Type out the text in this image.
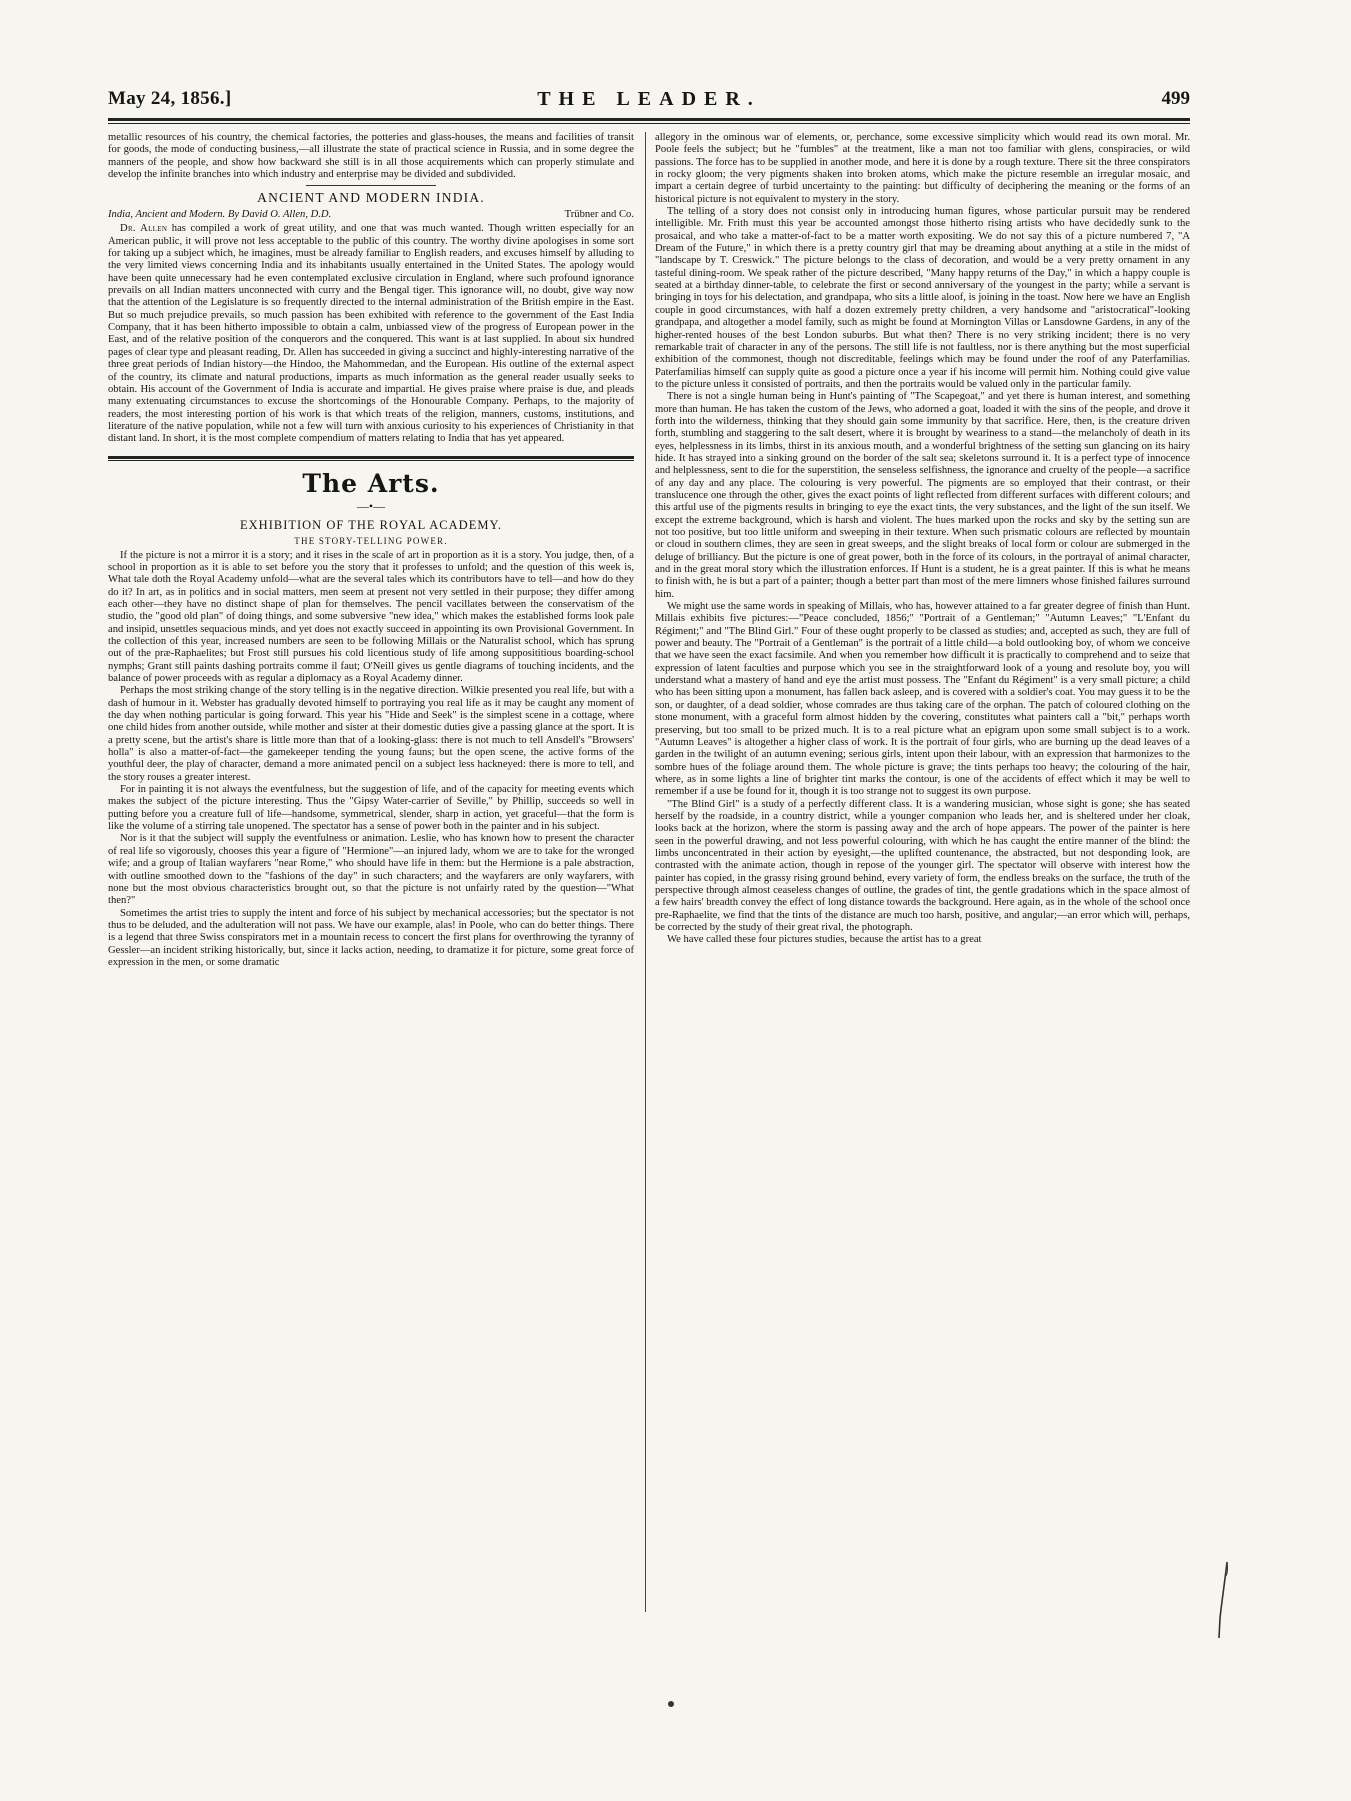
May 24, 1856.]	THE LEADER.	499

metallic resources of his country, the chemical factories, the potteries and glass-houses, the means and facilities of transit for goods, the mode of conducting business,—all illustrate the state of practical science in Russia, and in some degree the manners of the people, and show how backward she still is in all those acquirements which can properly stimulate and develop the infinite branches into which industry and enterprise may be divided and subdivided.

ANCIENT AND MODERN INDIA.
India, Ancient and Modern. By David O. Allen, D.D.	Trübner and Co.

Dr. Allen has compiled a work of great utility, and one that was much wanted. Though written especially for an American public, it will prove not less acceptable to the public of this country. The worthy divine apologises in some sort for taking up a subject which, he imagines, must be already familiar to English readers, and excuses himself by alluding to the very limited views concerning India and its inhabitants usually entertained in the United States. The apology would have been quite unnecessary had he even contemplated exclusive circulation in England, where such profound ignorance prevails on all Indian matters unconnected with curry and the Bengal tiger. This ignorance will, no doubt, give way now that the attention of the Legislature is so frequently directed to the internal administration of the British empire in the East. But so much prejudice prevails, so much passion has been exhibited with reference to the government of the East India Company, that it has been hitherto impossible to obtain a calm, unbiassed view of the progress of European power in the East, and of the relative position of the conquerors and the conquered. This want is at last supplied. In about six hundred pages of clear type and pleasant reading, Dr. Allen has succeeded in giving a succinct and highly-interesting narrative of the three great periods of Indian history—the Hindoo, the Mahommedan, and the European. His outline of the external aspect of the country, its climate and natural productions, imparts as much information as the general reader usually seeks to obtain. His account of the Government of India is accurate and impartial. He gives praise where praise is due, and pleads many extenuating circumstances to excuse the shortcomings of the Honourable Company. Perhaps, to the majority of readers, the most interesting portion of his work is that which treats of the religion, manners, customs, institutions, and literature of the native population, while not a few will turn with anxious curiosity to his experiences of Christianity in that distant land. In short, it is the most complete compendium of matters relating to India that has yet appeared.

The Arts.
—•—
EXHIBITION OF THE ROYAL ACADEMY.
THE STORY-TELLING POWER.

If the picture is not a mirror it is a story; and it rises in the scale of art in proportion as it is a story. You judge, then, of a school in proportion as it is able to set before you the story that it professes to unfold; and the question of this week is, What tale doth the Royal Academy unfold—what are the several tales which its contributors have to tell—and how do they do it? In art, as in politics and in social matters, men seem at present not very settled in their purpose; they differ among each other—they have no distinct shape of plan for themselves. The pencil vacillates between the conservatism of the studio, the "good old plan" of doing things, and some subversive "new idea," which makes the established forms look pale and insipid, unsettles sequacious minds, and yet does not exactly succeed in appointing its own Provisional Government. In the collection of this year, increased numbers are seen to be following Millais or the Naturalist school, which has sprung out of the præ-Raphaelites; but Frost still pursues his cold licentious study of life among supposititious boarding-school nymphs; Grant still paints dashing portraits comme il faut; O'Neill gives us gentle diagrams of touching incidents, and the balance of power proceeds with as regular a diplomacy as a Royal Academy dinner.

Perhaps the most striking change of the story telling is in the negative direction. Wilkie presented you real life, but with a dash of humour in it. Webster has gradually devoted himself to portraying you real life as it may be caught any moment of the day when nothing particular is going forward. This year his "Hide and Seek" is the simplest scene in a cottage, where one child hides from another outside, while mother and sister at their domestic duties give a passing glance at the sport. It is a pretty scene, but the artist's share is little more than that of a looking-glass: there is not much to tell Ansdell's "Browsers' holla" is also a matter-of-fact—the gamekeeper tending the young fauns; but the open scene, the active forms of the youthful deer, the play of character, demand a more animated pencil on a subject less hackneyed: there is more to tell, and the story rouses a greater interest.

For in painting it is not always the eventfulness, but the suggestion of life, and of the capacity for meeting events which makes the subject of the picture interesting. Thus the "Gipsy Water-carrier of Seville," by Phillip, succeeds so well in putting before you a creature full of life—handsome, symmetrical, slender, sharp in action, yet graceful—that the form is like the volume of a stirring tale unopened. The spectator has a sense of power both in the painter and in his subject.

Nor is it that the subject will supply the eventfulness or animation. Leslie, who has known how to present the character of real life so vigorously, chooses this year a figure of "Hermione"—an injured lady, whom we are to take for the wronged wife; and a group of Italian wayfarers "near Rome," who should have life in them: but the Hermione is a pale abstraction, with outline smoothed down to the "fashions of the day" in such characters; and the wayfarers are only wayfarers, with none but the most obvious characteristics brought out, so that the picture is not unfairly rated by the question—"What then?"

Sometimes the artist tries to supply the intent and force of his subject by mechanical accessories; but the spectator is not thus to be deluded, and the adulteration will not pass. We have our example, alas! in Poole, who can do better things. There is a legend that three Swiss conspirators met in a mountain recess to concert the first plans for overthrowing the tyranny of Gessler—an incident striking historically, but, since it lacks action, needing, to dramatize it for picture, some great force of expression in the men, or some dramatic

allegory in the ominous war of elements, or, perchance, some excessive simplicity which would read its own moral. Mr. Poole feels the subject; but he "fumbles" at the treatment, like a man not too familiar with glens, conspiracies, or wild passions. The force has to be supplied in another mode, and here it is done by a rough texture. There sit the three conspirators in rocky gloom; the very pigments shaken into broken atoms, which make the picture resemble an irregular mosaic, and impart a certain degree of turbid uncertainty to the painting: but difficulty of deciphering the meaning or the forms of an historical picture is not equivalent to mystery in the story.

The telling of a story does not consist only in introducing human figures, whose particular pursuit may be rendered intelligible. Mr. Frith must this year be accounted amongst those hitherto rising artists who have decidedly sunk to the prosaical, and who take a matter-of-fact to be a matter worth expositing. We do not say this of a picture numbered 7, "A Dream of the Future," in which there is a pretty country girl that may be dreaming about anything at a stile in the midst of "landscape by T. Creswick." The picture belongs to the class of decoration, and would be a very pretty ornament in any tasteful dining-room. We speak rather of the picture described, "Many happy returns of the Day," in which a happy couple is seated at a birthday dinner-table, to celebrate the first or second anniversary of the youngest in the party; while a servant is bringing in toys for his delectation, and grandpapa, who sits a little aloof, is joining in the toast. Now here we have an English couple in good circumstances, with half a dozen extremely pretty children, a very handsome and "aristocratical"-looking grandpapa, and altogether a model family, such as might be found at Mornington Villas or Lansdowne Gardens, in any of the higher-rented houses of the best London suburbs. But what then? There is no very striking incident; there is no very remarkable trait of character in any of the persons. The still life is not faultless, nor is there anything but the most superficial exhibition of the commonest, though not discreditable, feelings which may be found under the roof of any Paterfamilias. Paterfamilias himself can supply quite as good a picture once a year if his income will permit him. Nothing could give value to the picture unless it consisted of portraits, and then the portraits would be valued only in the particular family.

There is not a single human being in Hunt's painting of "The Scapegoat," and yet there is human interest, and something more than human. He has taken the custom of the Jews, who adorned a goat, loaded it with the sins of the people, and drove it forth into the wilderness, thinking that they should gain some immunity by that sacrifice. Here, then, is the creature driven forth, stumbling and staggering to the salt desert, where it is brought by weariness to a stand—the melancholy of death in its eyes, helplessness in its limbs, thirst in its anxious mouth, and a wonderful brightness of the setting sun glancing on its hairy hide. It has strayed into a sinking ground on the border of the salt sea; skeletons surround it. It is a perfect type of innocence and helplessness, sent to die for the superstition, the senseless selfishness, the ignorance and cruelty of the people—a sacrifice of any day and any place. The colouring is very powerful. The pigments are so employed that their contrast, or their translucence one through the other, gives the exact points of light reflected from different surfaces with different colours; and this artful use of the pigments results in bringing to eye the exact tints, the very substances, and the light of the sun itself. We except the extreme background, which is harsh and violent. The hues marked upon the rocks and sky by the setting sun are not too positive, but too little uniform and sweeping in their texture. When such prismatic colours are reflected by mountain or cloud in southern climes, they are seen in great sweeps, and the slight breaks of local form or colour are submerged in the deluge of brilliancy. But the picture is one of great power, both in the force of its colours, in the portrayal of animal character, and in the great moral story which the illustration enforces. If Hunt is a student, he is a great painter. If this is what he means to finish with, he is but a part of a painter; though a better part than most of the mere limners whose finished failures surround him.

We might use the same words in speaking of Millais, who has, however attained to a far greater degree of finish than Hunt. Millais exhibits five pictures:—"Peace concluded, 1856;" "Portrait of a Gentleman;" "Autumn Leaves;" "L'Enfant du Régiment;" and "The Blind Girl." Four of these ought properly to be classed as studies; and, accepted as such, they are full of power and beauty. The "Portrait of a Gentleman" is the portrait of a little child—a bold outlooking boy, of whom we conceive that we have seen the exact facsimile. And when you remember how difficult it is practically to comprehend and to seize that expression of latent faculties and purpose which you see in the straightforward look of a young and resolute boy, you will understand what a mastery of hand and eye the artist must possess. The "Enfant du Régiment" is a very small picture; a child who has been sitting upon a monument, has fallen back asleep, and is covered with a soldier's coat. You may guess it to be the son, or daughter, of a dead soldier, whose comrades are thus taking care of the orphan. The patch of coloured clothing on the stone monument, with a graceful form almost hidden by the covering, constitutes what painters call a "bit," perhaps worth preserving, but too small to be prized much. It is to a real picture what an epigram upon some small subject is to a work. "Autumn Leaves" is altogether a higher class of work. It is the portrait of four girls, who are burning up the dead leaves of a garden in the twilight of an autumn evening; serious girls, intent upon their labour, with an expression that harmonizes to the sombre hues of the foliage around them. The whole picture is grave; the tints perhaps too heavy; the colouring of the hair, where, as in some lights a line of brighter tint marks the contour, is one of the accidents of effect which it may be well to remember if a use be found for it, though it is too strange not to suggest its own purpose.

"The Blind Girl" is a study of a perfectly different class. It is a wandering musician, whose sight is gone; she has seated herself by the roadside, in a country district, while a younger companion who leads her, and is sheltered under her cloak, looks back at the horizon, where the storm is passing away and the arch of hope appears. The power of the painter is here seen in the powerful drawing, and not less powerful colouring, with which he has caught the entire manner of the blind: the limbs unconcentrated in their action by eyesight,—the uplifted countenance, the abstracted, but not desponding look, are contrasted with the animate action, though in repose of the younger girl. The spectator will observe with interest how the painter has copied, in the grassy rising ground behind, every variety of form, the endless breaks on the surface, the truth of the perspective through almost ceaseless changes of outline, the grades of tint, the gentle gradations which in the space almost of a few hairs' breadth convey the effect of long distance towards the background. Here again, as in the whole of the school once pre-Raphaelite, we find that the tints of the distance are much too harsh, positive, and angular;—an error which will, perhaps, be corrected by the study of their great rival, the photograph.

We have called these four pictures studies, because the artist has to a great
